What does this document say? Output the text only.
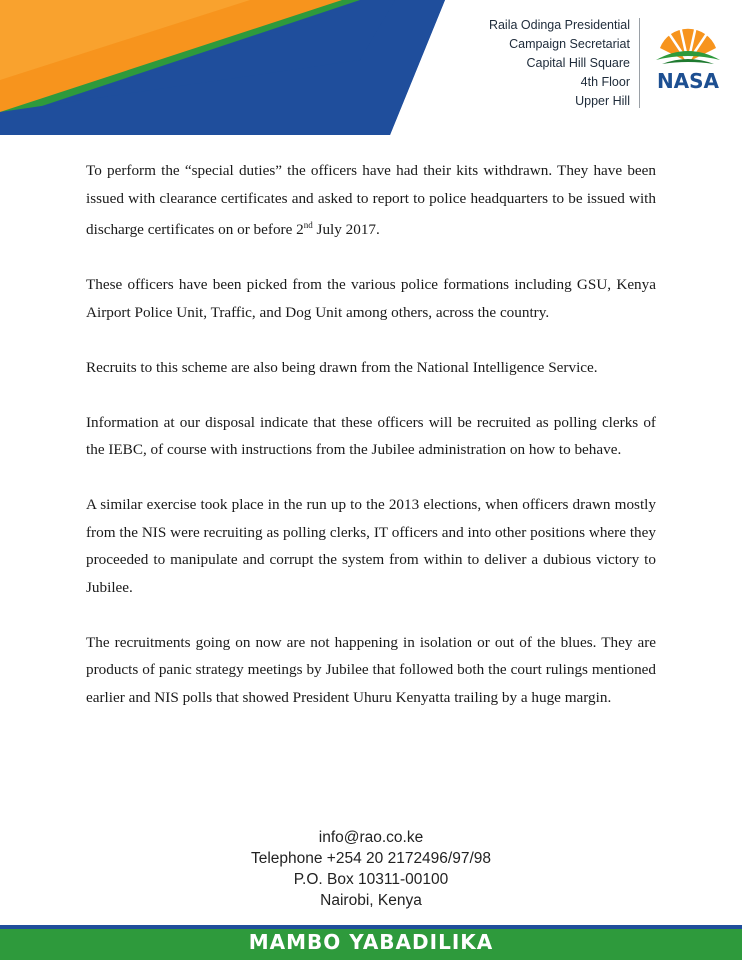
Raila Odinga Presidential
Campaign Secretariat
Capital Hill Square
4th Floor
Upper Hill
NASA

To perform the “special duties” the officers have had their kits withdrawn. They have been issued with clearance certificates and asked to report to police headquarters to be issued with discharge certificates on or before 2nd July 2017.

These officers have been picked from the various police formations including GSU, Kenya Airport Police Unit, Traffic, and Dog Unit among others, across the country.

Recruits to this scheme are also being drawn from the National Intelligence Service.

Information at our disposal indicate that these officers will be recruited as polling clerks of the IEBC, of course with instructions from the Jubilee administration on how to behave.

A similar exercise took place in the run up to the 2013 elections, when officers drawn mostly from the NIS were recruiting as polling clerks, IT officers and into other positions where they proceeded to manipulate and corrupt the system from within to deliver a dubious victory to Jubilee.

The recruitments going on now are not happening in isolation or out of the blues. They are products of panic strategy meetings by Jubilee that followed both the court rulings mentioned earlier and NIS polls that showed President Uhuru Kenyatta trailing by a huge margin.

info@rao.co.ke
Telephone +254 20 2172496/97/98
P.O. Box 10311-00100
Nairobi, Kenya
MAMBO YABADILIKA
